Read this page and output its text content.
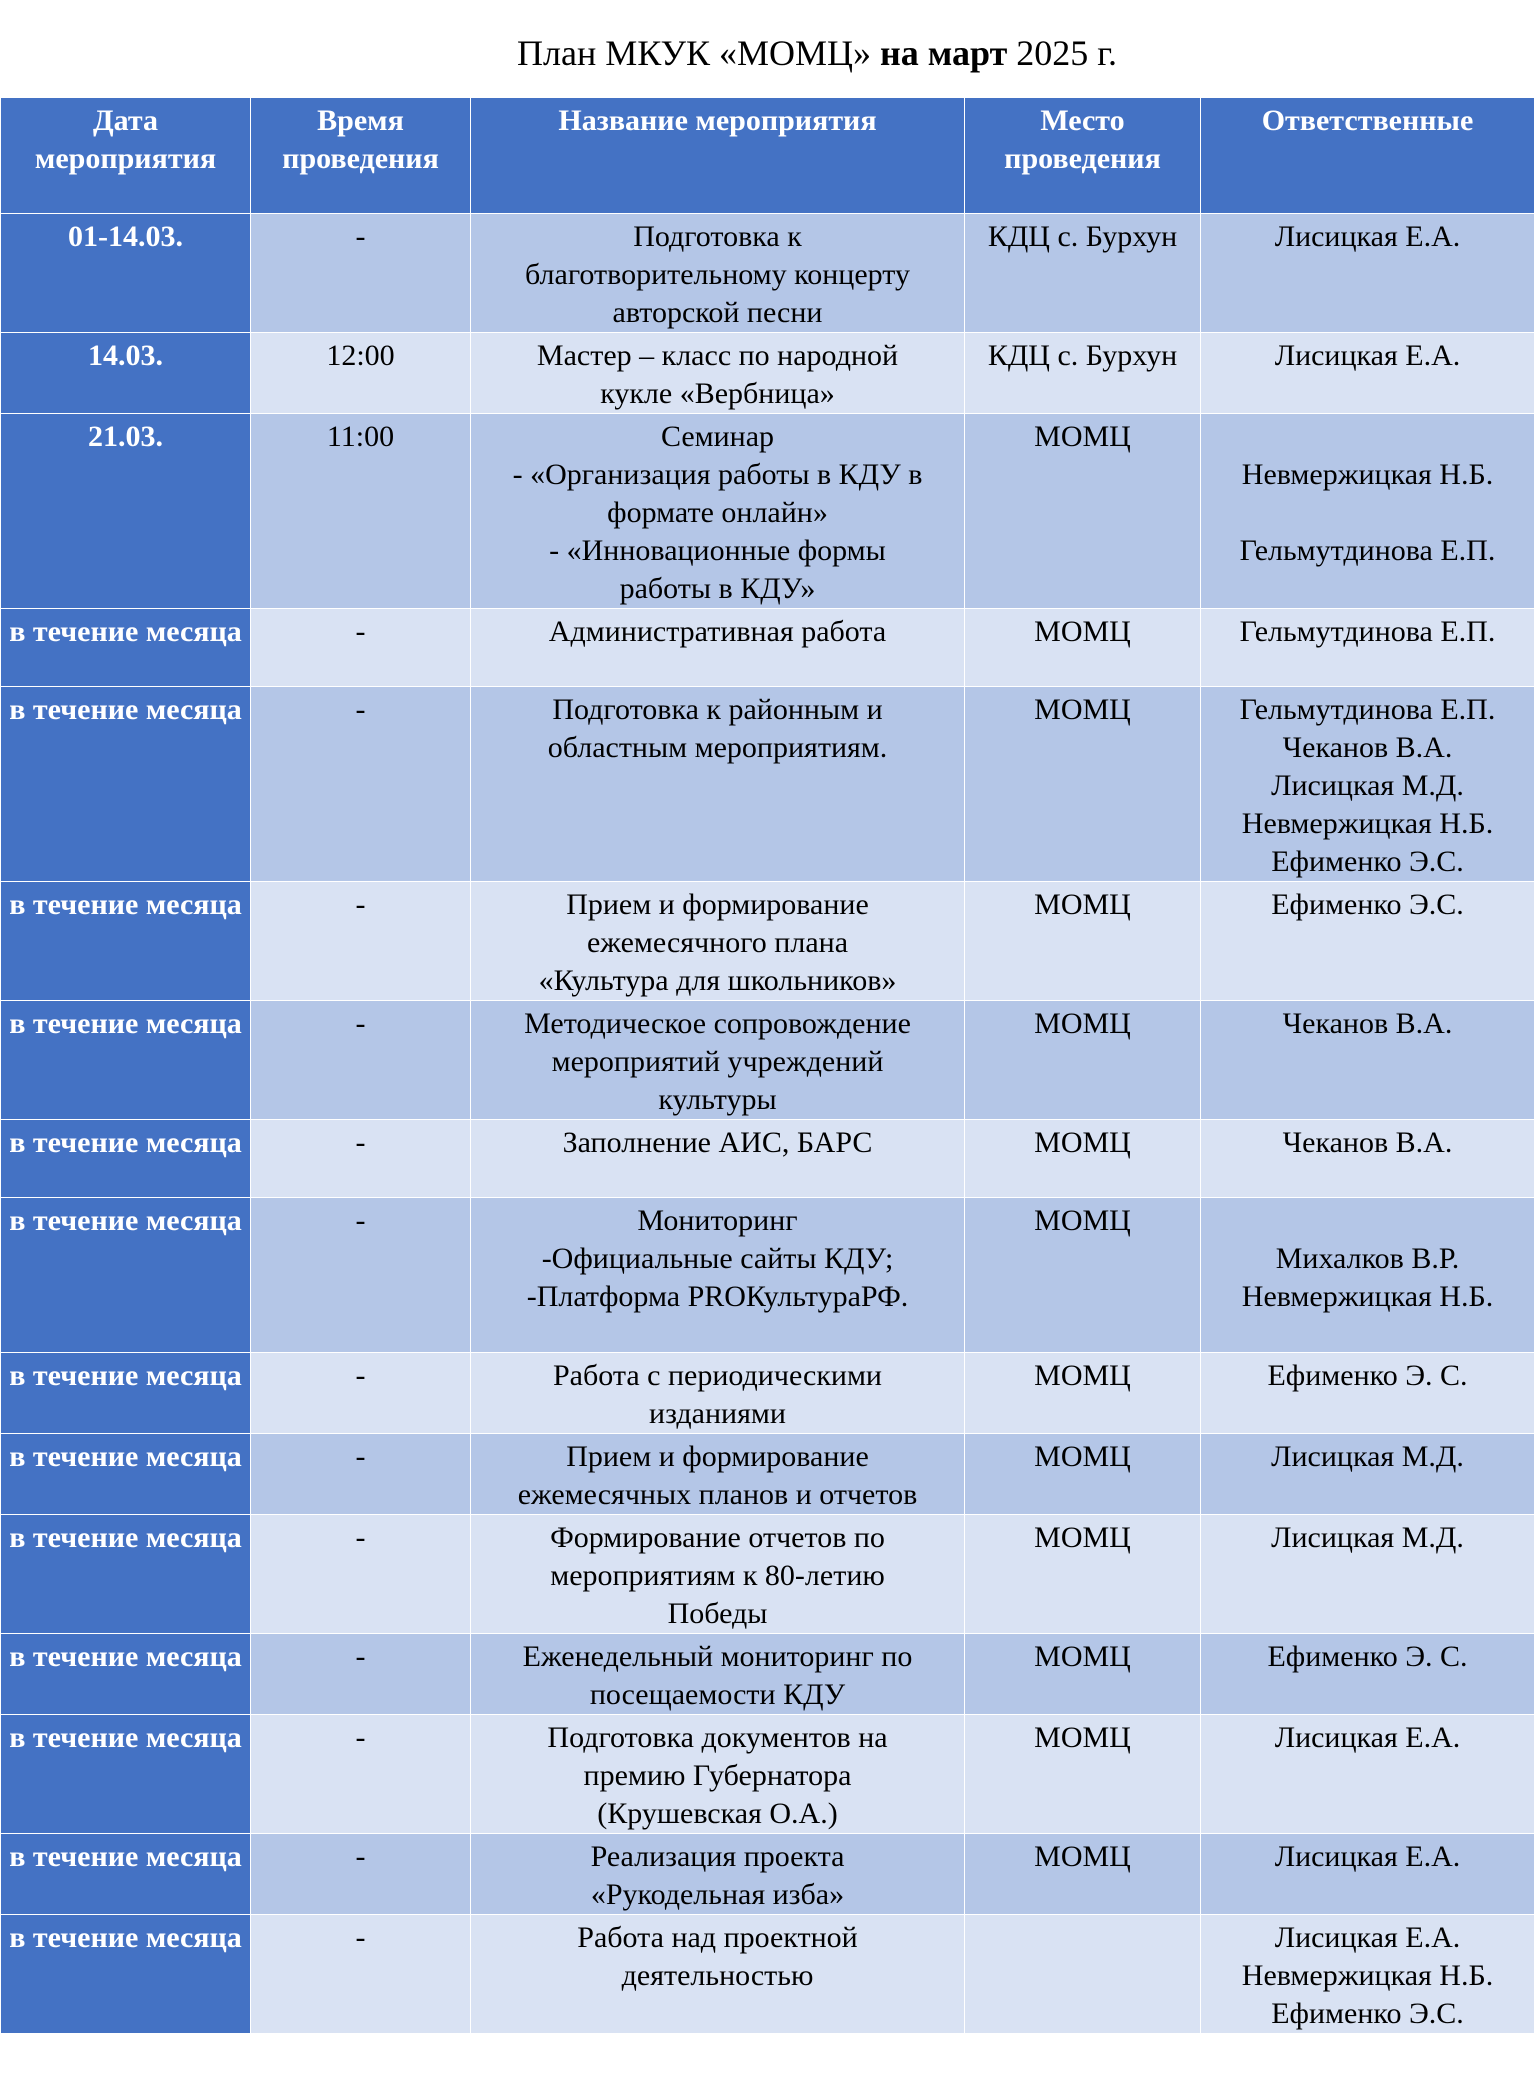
План МКУК «МОМЦ» на март 2025 г.
Дата мероприятия	Время проведения	Название мероприятия	Место проведения	Ответственные
01-14.03.	-	Подготовка к
благотворительному концерту
авторской песни	КДЦ с. Бурхун	Лисицкая Е.А.

14.03.	12:00	Мастер – класс по народной
кукле «Вербница»	КДЦ с. Бурхун	Лисицкая Е.А.

21.03.	11:00	Семинар
- «Организация работы в КДУ в
формате онлайн»
- «Инновационные формы
работы в КДУ»	МОМЦ	Невмержицкая Н.Б.
Гельмутдинова Е.П.

в течение месяца	-	Административная работа	МОМЦ	Гельмутдинова Е.П.

в течение месяца	-	Подготовка к районным и
областным мероприятиям.	МОМЦ	Гельмутдинова Е.П.
Чеканов В.А.
Лисицкая М.Д.
Невмержицкая Н.Б.
Ефименко Э.С.

в течение месяца	-	Прием и формирование
ежемесячного плана
«Культура для школьников»	МОМЦ	Ефименко Э.С.

в течение месяца	-	Методическое сопровождение
мероприятий учреждений
культуры	МОМЦ	Чеканов В.А.

в течение месяца	-	Заполнение АИС, БАРС	МОМЦ	Чеканов В.А.

в течение месяца	-	Мониторинг
-Официальные сайты КДУ;
-Платформа PROКультураРФ.	МОМЦ	Михалков В.Р.
Невмержицкая Н.Б.

в течение месяца	-	Работа с периодическими
изданиями	МОМЦ	Ефименко Э. С.

в течение месяца	-	Прием и формирование
ежемесячных планов и отчетов	МОМЦ	Лисицкая М.Д.

в течение месяца	-	Формирование отчетов по
мероприятиям к 80-летию
Победы	МОМЦ	Лисицкая М.Д.

в течение месяца	-	Еженедельный мониторинг по
посещаемости КДУ	МОМЦ	Ефименко Э. С.

в течение месяца	-	Подготовка документов на
премию Губернатора
(Крушевская О.А.)	МОМЦ	Лисицкая Е.А.

в течение месяца	-	Реализация проекта
«Рукодельная изба»	МОМЦ	Лисицкая Е.А.

в течение месяца	-	Работа над проектной
деятельностью		Лисицкая Е.А.
Невмержицкая Н.Б.
Ефименко Э.С.
